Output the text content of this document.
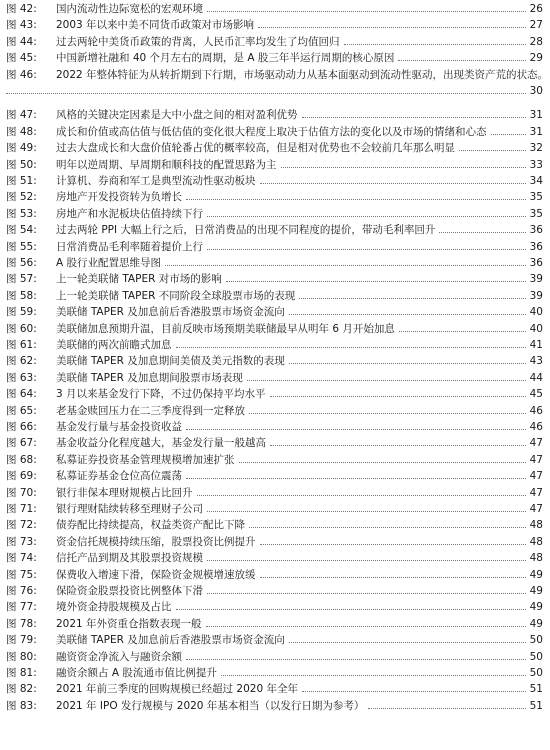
图 42: 国内流动性边际宽松的宏观环境	26
图 43: 2003 年以来中美不同货币政策对市场影响	27
图 44: 过去两轮中美货币政策的背离，人民币汇率均发生了均值回归	28
图 45: 中国新增社融和 40 个月左右的周期，是 A 股三年半运行周期的核心原因	29
图 46: 2022 年整体特征为从转折期到下行期，市场驱动动力从基本面驱动到流动性驱动，出现类资产荒的状态。
30
图 47: 风格的关键决定因素是大中小盘之间的相对盈利优势	31
图 48: 成长和价值或高估值与低估值的变化很大程度上取决于估值方法的变化以及市场的情绪和心态	31
图 49: 过去大盘成长和大盘价值轮番占优的概率较高，但是相对优势也不会较前几年那么明显	32
图 50: 明年以逆周期、早周期和顺科技的配置思路为主	33
图 51: 计算机、券商和军工是典型流动性驱动板块	34
图 52: 房地产开发投资转为负增长	35
图 53: 房地产和水泥板块估值持续下行	35
图 54: 过去两轮 PPI 大幅上行之后，日常消费品的出现不同程度的提价，带动毛利率回升	36
图 55: 日常消费品毛利率随着提价上行	36
图 56: A 股行业配置思维导图	36
图 57: 上一轮美联储 TAPER 对市场的影响	39
图 58: 上一轮美联储 TAPER 不同阶段全球股票市场的表现	39
图 59: 美联储 TAPER 及加息前后香港股票市场资金流向	40
图 60: 美联储加息预期升温，目前反映市场预期美联储最早从明年 6 月开始加息	40
图 61: 美联储的两次前瞻式加息	41
图 62: 美联储 TAPER 及加息期间美债及美元指数的表现	43
图 63: 美联储 TAPER 及加息期间股票市场表现	44
图 64: 3 月以来基金发行下降，不过仍保持平均水平	45
图 65: 老基金赎回压力在二三季度得到一定释放	46
图 66: 基金发行量与基金投资收益	46
图 67: 基金收益分化程度越大，基金发行量一般越高	47
图 68: 私募证券投资基金管理规模增加速扩张	47
图 69: 私募证券基金仓位高位震荡	47
图 70: 银行非保本理财规模占比回升	47
图 71: 银行理财陆续转移至理财子公司	47
图 72: 债券配比持续提高，权益类资产配比下降	48
图 73: 资金信托规模持续压缩，股票投资比例提升	48
图 74: 信托产品到期及其股票投资规模	48
图 75: 保费收入增速下滑，保险资金规模增速放缓	49
图 76: 保险资金股票投资比例整体下滑	49
图 77: 境外资金持股规模及占比	49
图 78: 2021 年外资重仓指数表现一般	49
图 79: 美联储 TAPER 及加息前后香港股票市场资金流向	50
图 80: 融资资金净流入与融资余额	50
图 81: 融资余额占 A 股流通市值比例提升	50
图 82: 2021 年前三季度的回购规模已经超过 2020 年全年	51
图 83: 2021 年 IPO 发行规模与 2020 年基本相当（以发行日期为参考）	51
